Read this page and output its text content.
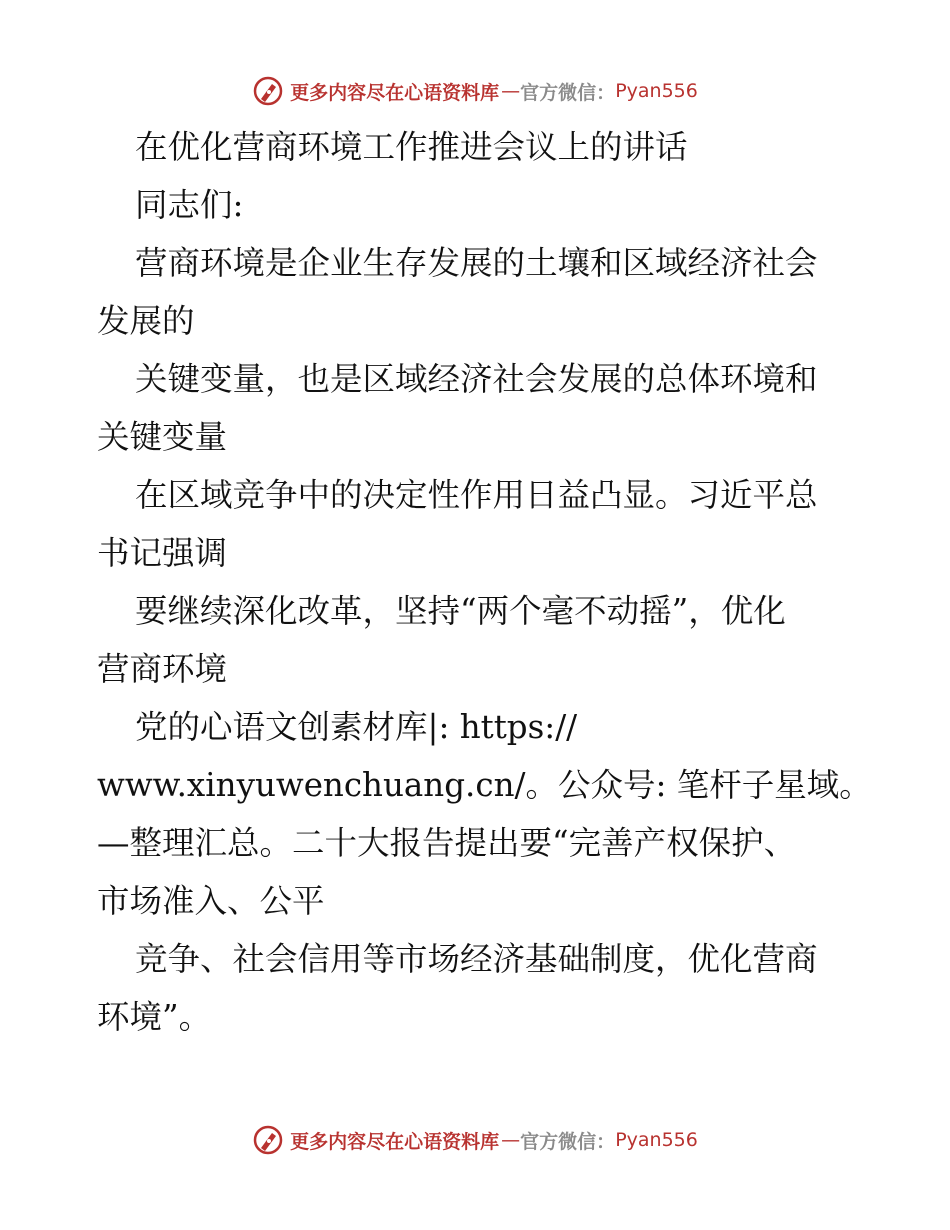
更多内容尽在心语资料库 — 官方微信： Pyan556

在优化营商环境工作推进会议上的讲话

同志们:

营商环境是企业生存发展的土壤和区域经济社会

发展的

关键变量，也是区域经济社会发展的总体环境和

关键变量

在区域竞争中的决定性作用日益凸显。习近平总

书记强调

要继续深化改革，坚持“两个毫不动摇”，优化

营商环境

党的心语文创素材库|: https://

www.xinyuwenchuang.cn/。公众号: 笔杆子星域。

—整理汇总。二十大报告提出要“完善产权保护、

市场准入、公平

竞争、社会信用等市场经济基础制度，优化营商

环境”。

更多内容尽在心语资料库 — 官方微信： Pyan556
